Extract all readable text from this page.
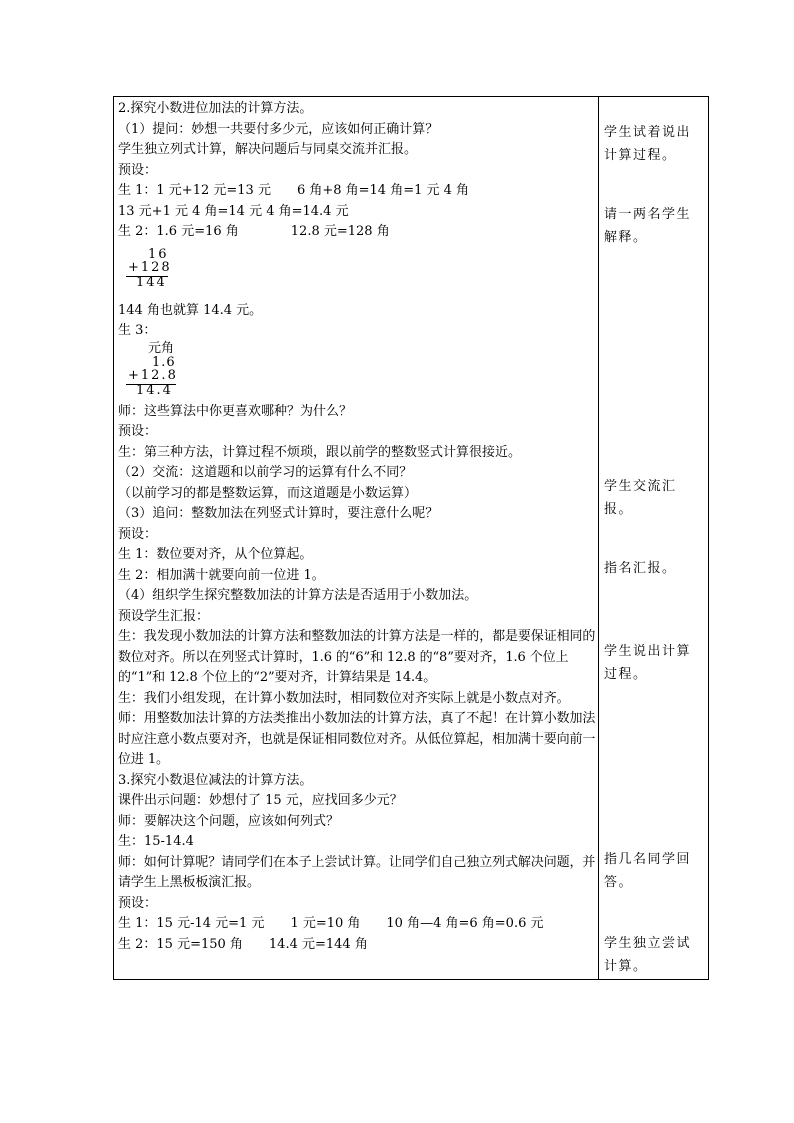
2.探究小数进位加法的计算方法。
（1）提问：妙想一共要付多少元，应该如何正确计算？
学生独立列式计算，解决问题后与同桌交流并汇报。
预设：
生 1：1 元+12 元=13 元　　6 角+8 角=14 角=1 元 4 角
13 元+1 元 4 角=14 元 4 角=14.4 元
生 2：1.6 元=16 角　　　　12.8 元=128 角
16
+128
144
144 角也就算 14.4 元。
生 3：
元角
1.6
+12.8
14.4
师：这些算法中你更喜欢哪种？为什么？
预设：
生：第三种方法，计算过程不烦琐，跟以前学的整数竖式计算很接近。
（2）交流：这道题和以前学习的运算有什么不同？
（以前学习的都是整数运算，而这道题是小数运算）
（3）追问：整数加法在列竖式计算时，要注意什么呢？
预设：
生 1：数位要对齐，从个位算起。
生 2：相加满十就要向前一位进 1。
（4）组织学生探究整数加法的计算方法是否适用于小数加法。
预设学生汇报：
生：我发现小数加法的计算方法和整数加法的计算方法是一样的，都是要保证相同的数位对齐。所以在列竖式计算时，1.6 的“6”和 12.8 的“8”要对齐，1.6 个位上的“1”和 12.8 个位上的“2”要对齐，计算结果是 14.4。
生：我们小组发现，在计算小数加法时，相同数位对齐实际上就是小数点对齐。
师：用整数加法计算的方法类推出小数加法的计算方法，真了不起！在计算小数加法时应注意小数点要对齐，也就是保证相同数位对齐。从低位算起，相加满十要向前一位进 1。
3.探究小数退位减法的计算方法。
课件出示问题：妙想付了 15 元，应找回多少元？
师：要解决这个问题，应该如何列式？
生：15-14.4
师：如何计算呢？请同学们在本子上尝试计算。让同学们自己独立列式解决问题，并请学生上黑板板演汇报。
预设：
生 1：15 元-14 元=1 元　　1 元=10 角　　10 角—4 角=6 角=0.6 元
生 2：15 元=150 角　　14.4 元=144 角
学生试着说出计算过程。
请一两名学生解释。
学生交流汇报。
指名汇报。
学生说出计算过程。
指几名同学回答。
学生独立尝试计算。
